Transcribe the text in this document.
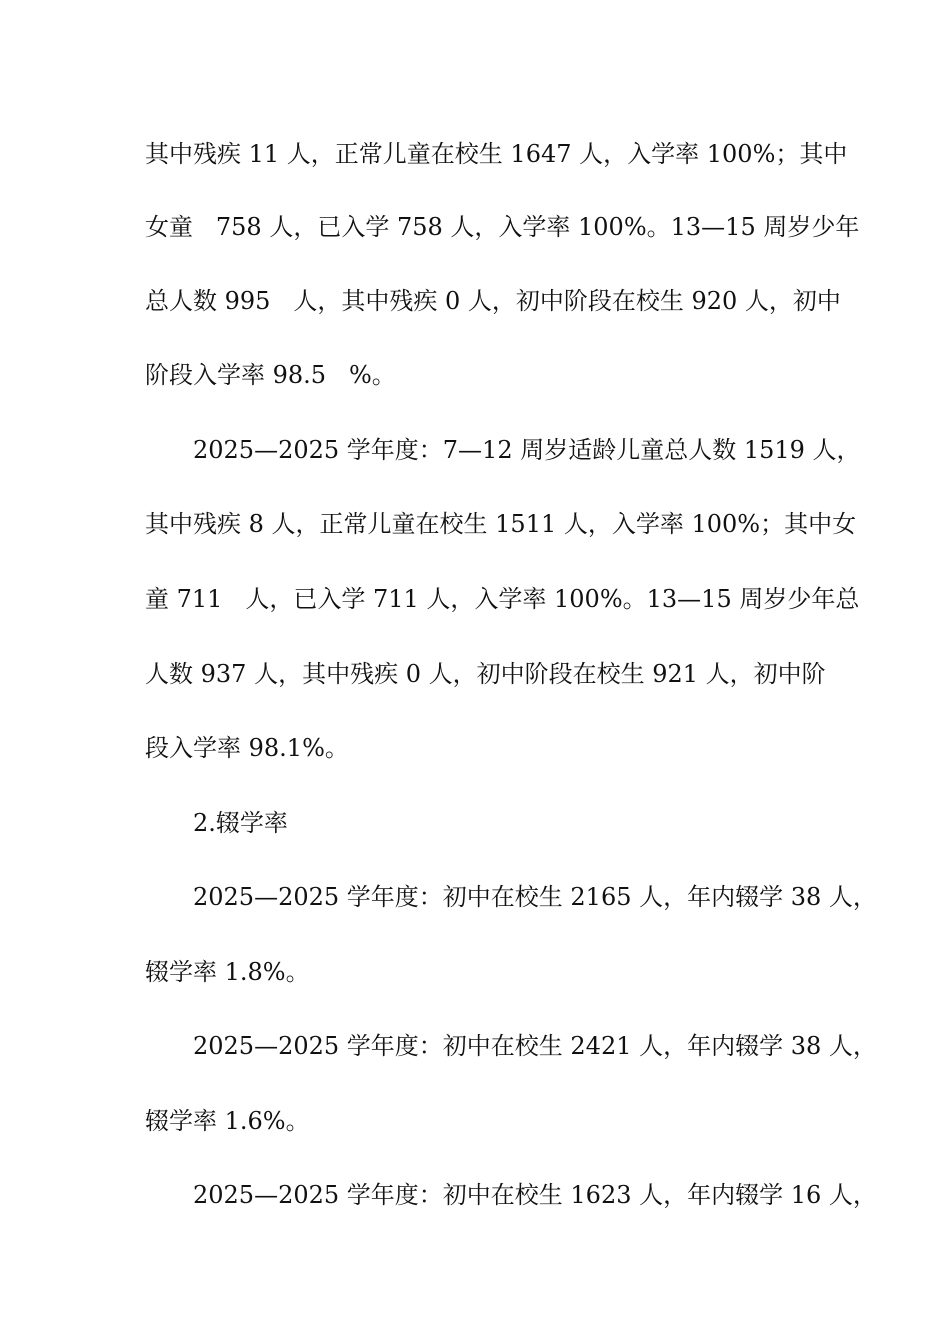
其中残疾 11 人，正常儿童在校生 1647 人，入学率 100%；其中
女童   758 人，已入学 758 人，入学率 100%。13—15 周岁少年
总人数 995   人，其中残疾 0 人，初中阶段在校生 920 人，初中
阶段入学率 98.5   %。
2025—2025 学年度：7—12 周岁适龄儿童总人数 1519 人，
其中残疾 8 人，正常儿童在校生 1511 人，入学率 100%；其中女
童 711   人，已入学 711 人，入学率 100%。13—15 周岁少年总
人数 937 人，其中残疾 0 人，初中阶段在校生 921 人，初中阶
段入学率 98.1%。
2.辍学率
2025—2025 学年度：初中在校生 2165 人，年内辍学 38 人，
辍学率 1.8%。
2025—2025 学年度：初中在校生 2421 人，年内辍学 38 人，
辍学率 1.6%。
2025—2025 学年度：初中在校生 1623 人，年内辍学 16 人，
